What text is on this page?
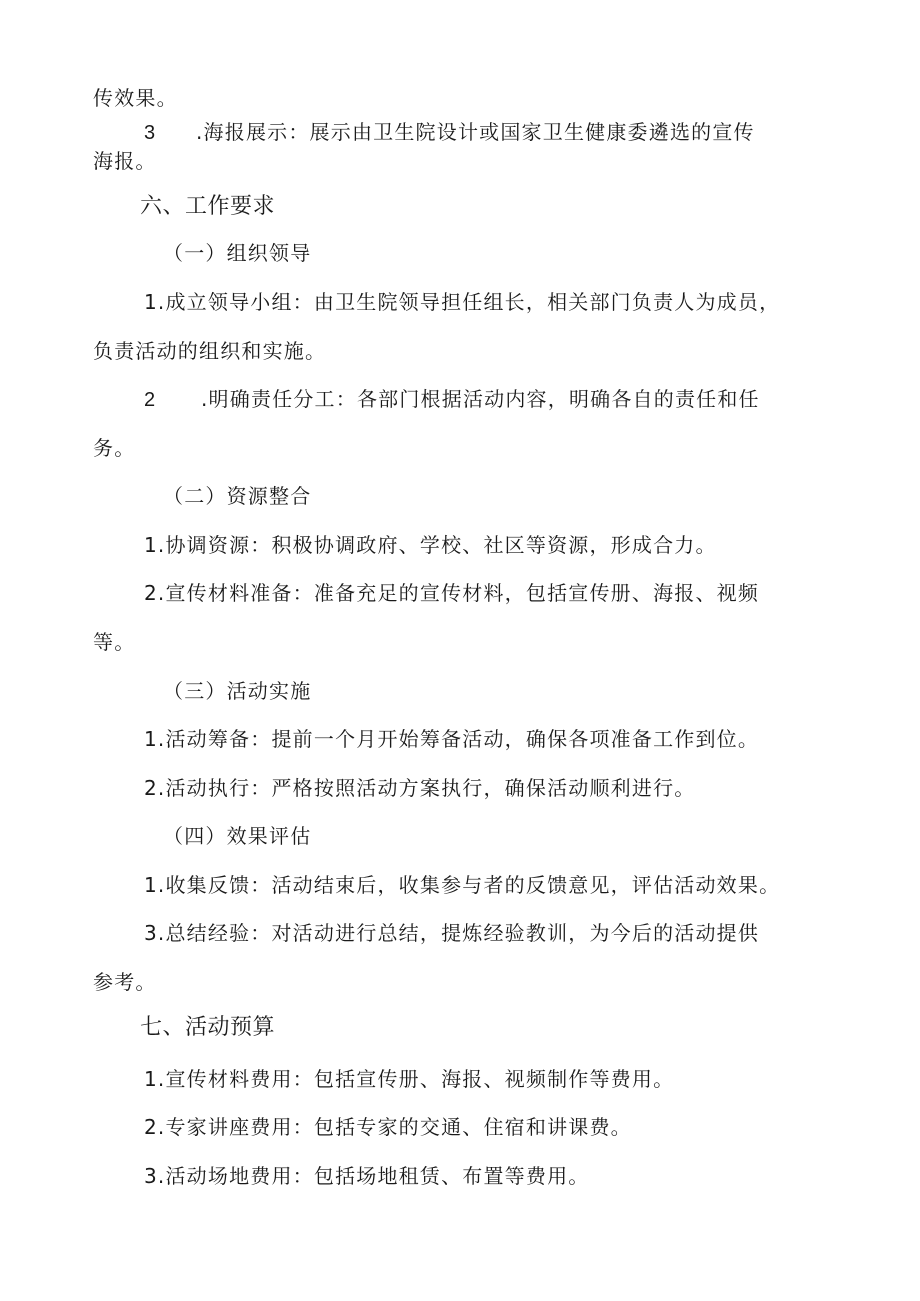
传效果。
3 .海报展示：展示由卫生院设计或国家卫生健康委遴选的宣传
海报。
六、工作要求
（一）组织领导
1.成立领导小组：由卫生院领导担任组长，相关部门负责人为成员，
负责活动的组织和实施。
2 .明确责任分工：各部门根据活动内容，明确各自的责任和任
务。
（二）资源整合
1.协调资源：积极协调政府、学校、社区等资源，形成合力。
2.宣传材料准备：准备充足的宣传材料，包括宣传册、海报、视频
等。
（三）活动实施
1.活动筹备：提前一个月开始筹备活动，确保各项准备工作到位。
2.活动执行：严格按照活动方案执行，确保活动顺利进行。
（四）效果评估
1.收集反馈：活动结束后，收集参与者的反馈意见，评估活动效果。
3.总结经验：对活动进行总结，提炼经验教训，为今后的活动提供
参考。
七、活动预算
1.宣传材料费用：包括宣传册、海报、视频制作等费用。
2.专家讲座费用：包括专家的交通、住宿和讲课费。
3.活动场地费用：包括场地租赁、布置等费用。
